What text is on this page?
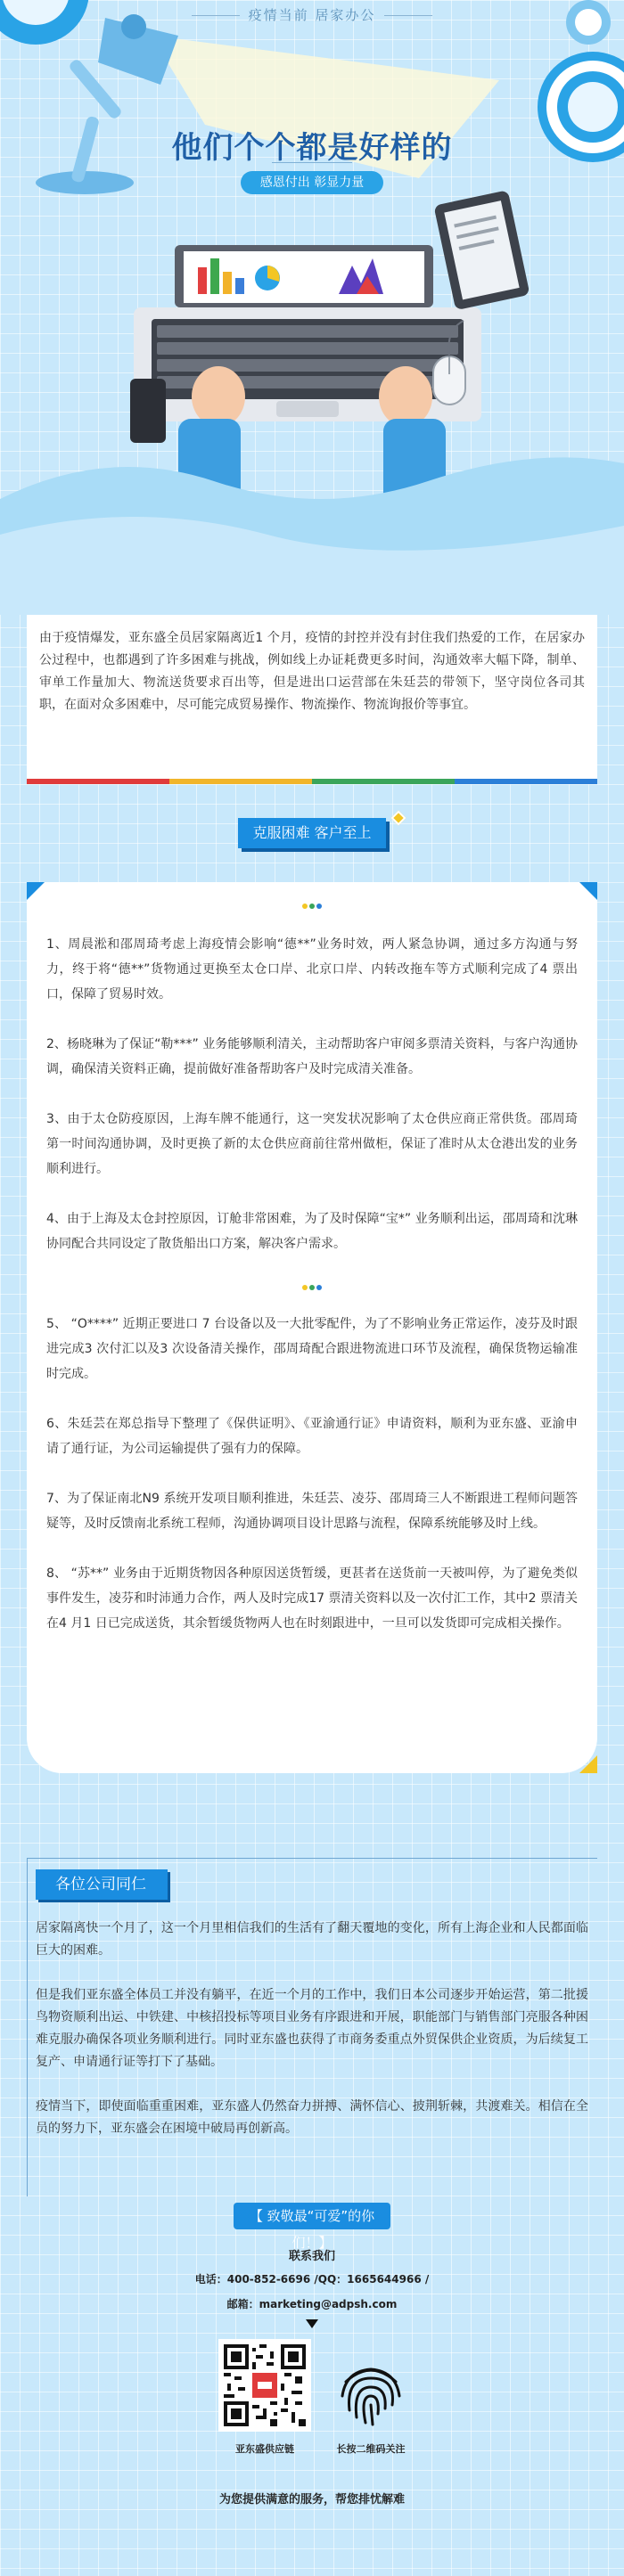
疫情当前 居家办公
他们个个都是好样的
感恩付出 彰显力量

由于疫情爆发，亚东盛全员居家隔离近1 个月，疫情的封控并没有封住我们热爱的工作，在居家办公过程中，也都遇到了许多困难与挑战，例如线上办证耗费更多时间，沟通效率大幅下降，制单、审单工作量加大、物流送货要求百出等，但是进出口运营部在朱廷芸的带领下，坚守岗位各司其职，在面对众多困难中，尽可能完成贸易操作、物流操作、物流询报价等事宜。

克服困难 客户至上

1、周晨淞和邵周琦考虑上海疫情会影响“德**”业务时效，两人紧急协调，通过多方沟通与努力，终于将“德**”货物通过更换至太仓口岸、北京口岸、内转改拖车等方式顺利完成了4 票出口，保障了贸易时效。

2、杨晓琳为了保证“勒***” 业务能够顺利清关，主动帮助客户审阅多票清关资料，与客户沟通协调，确保清关资料正确，提前做好准备帮助客户及时完成清关准备。

3、由于太仓防疫原因，上海车牌不能通行，这一突发状况影响了太仓供应商正常供货。邵周琦第一时间沟通协调，及时更换了新的太仓供应商前往常州做柜，保证了准时从太仓港出发的业务顺利进行。

4、由于上海及太仓封控原因，订舱非常困难，为了及时保障“宝*” 业务顺利出运，邵周琦和沈琳协同配合共同设定了散货船出口方案，解决客户需求。

5、 “O****” 近期正要进口 7 台设备以及一大批零配件，为了不影响业务正常运作，凌芬及时跟进完成3 次付汇以及3 次设备清关操作，邵周琦配合跟进物流进口环节及流程，确保货物运输准时完成。

6、朱廷芸在郑总指导下整理了《保供证明》、《亚渝通行证》申请资料，顺利为亚东盛、亚渝申请了通行证，为公司运输提供了强有力的保障。

7、为了保证南北N9 系统开发项目顺利推进，朱廷芸、凌芬、邵周琦三人不断跟进工程师问题答疑等，及时反馈南北系统工程师，沟通协调项目设计思路与流程，保障系统能够及时上线。

8、 “苏**” 业务由于近期货物因各种原因送货暂缓，更甚者在送货前一天被叫停，为了避免类似事件发生，凌芬和时沛通力合作，两人及时完成17 票清关资料以及一次付汇工作，其中2 票清关在4 月1 日已完成送货，其余暂缓货物两人也在时刻跟进中，一旦可以发货即可完成相关操作。

各位公司同仁

居家隔离快一个月了，这一个月里相信我们的生活有了翻天覆地的变化，所有上海企业和人民都面临巨大的困难。

但是我们亚东盛全体员工并没有躺平，在近一个月的工作中，我们日本公司逐步开始运营，第二批援鸟物资顺利出运、中铁建、中核招投标等项目业务有序跟进和开展，职能部门与销售部门亮服各种困难克服办确保各项业务顺利进行。同时亚东盛也获得了市商务委重点外贸保供企业资质，为后续复工复产、申请通行证等打下了基础。

疫情当下，即使面临重重困难，亚东盛人仍然奋力拼搏、满怀信心、披荆斩棘，共渡难关。相信在全员的努力下，亚东盛会在困境中破局再创新高。

【 致敬最“可爱”的你们！】
联系我们
电话：400-852-6696 /QQ：1665644966 /
邮箱：marketing@adpsh.com
亚东盛供应链	长按二维码关注
为您提供满意的服务，帮您排忧解难
